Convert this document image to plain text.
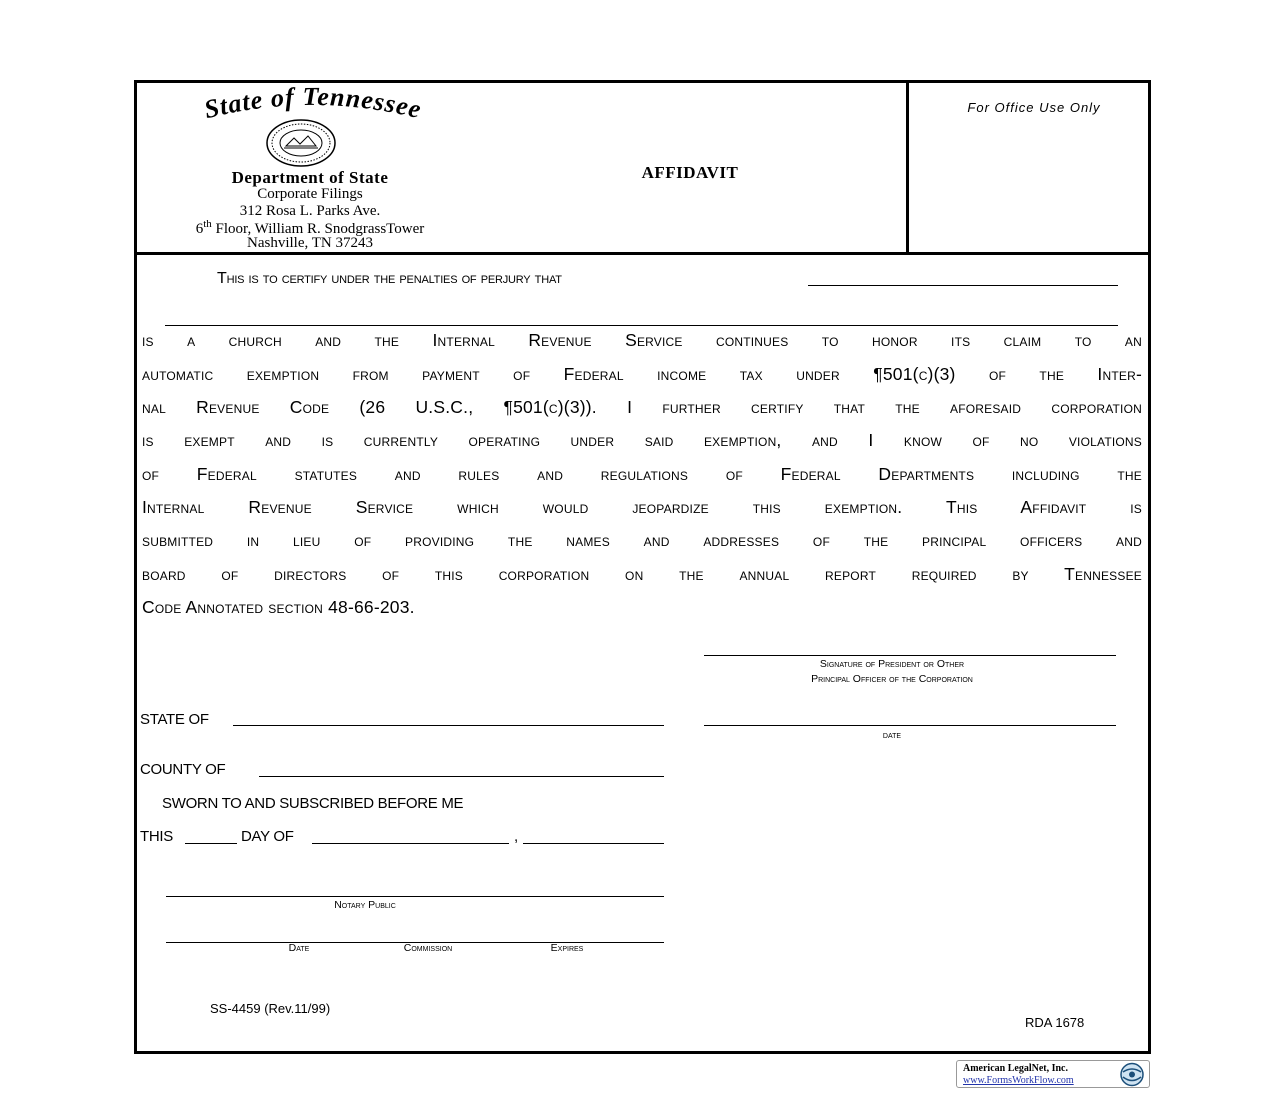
State of Tennessee
Department of State
Corporate Filings
312 Rosa L. Parks Ave.
6th Floor, William R. SnodgrassTower
Nashville, TN 37243
AFFIDAVIT
For Office Use Only
This is to certify under the penalties of perjury that
is a church and the Internal Revenue Service continues to honor its claim to an
automatic exemption from payment of Federal income tax under ¶501(c)(3) of the Inter-
nal Revenue Code (26 U.S.C., ¶501(c)(3)). I further certify that the aforesaid corporation
is exempt and is currently operating under said exemption, and I know of no violations
of Federal statutes and rules and regulations of Federal Departments including the
Internal Revenue Service which would jeopardize this exemption. This Affidavit is
submitted in lieu of providing the names and addresses of the principal officers and
board of directors of this corporation on the annual report required by Tennessee
Code Annotated section 48-66-203.
Signature of President or Other
Principal Officer of the Corporation
date
STATE OF
COUNTY OF
SWORN TO AND SUBSCRIBED BEFORE ME
THIS	DAY OF	,
Notary Public
Date	Commission	Expires
SS-4459 (Rev.11/99)
RDA 1678
American LegalNet, Inc.
www.FormsWorkFlow.com
